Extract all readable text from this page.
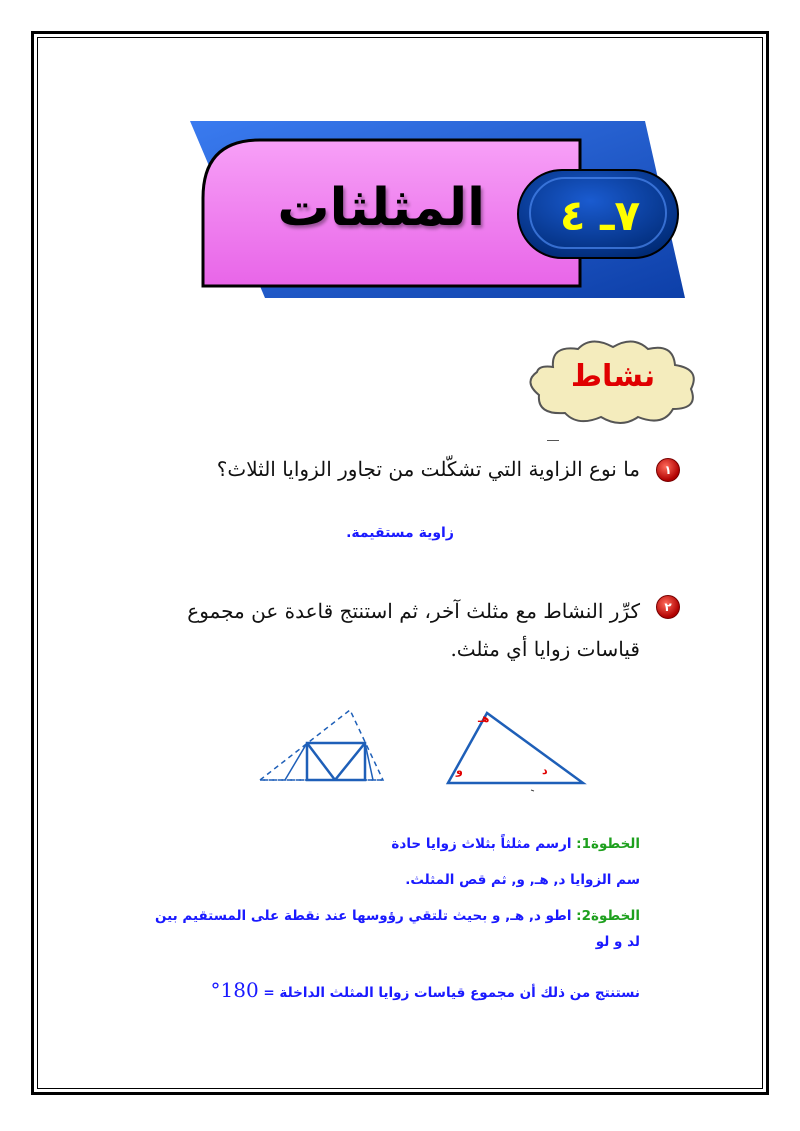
المثلثات	٧ـ ٤
نشاط
١
ما نوع الزاوية التي تشكّلت من تجاور الزوايا الثلاث؟
زاوية مستقيمة.
٢
كرِّر النشاط مع مثلث آخر، ثم استنتج قاعدة عن مجموع قياسات زوايا أي مثلث.
هـ
و	د
الخطوة1: ارسم مثلثاً بثلاث زوايا حادة
سم الزوايا د, هـ, و, ثم قص المثلث.
الخطوة2: اطو د, هـ, و بحيث تلتقي رؤوسها عند نقطة على المستقيم بين
ﻟﺪ و ﻟﻮ
نستنتج من ذلك أن مجموع قياسات زوايا المثلث الداخلة = 180°
